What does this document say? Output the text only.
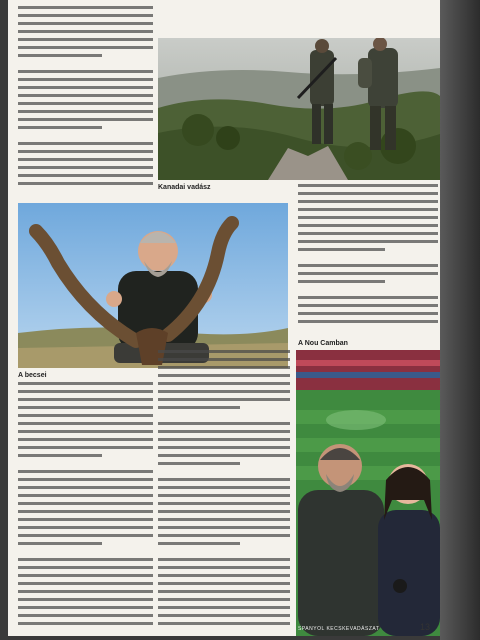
Kanadai vadász
A becsei
A Nou Camban
SPANYOL KECSKEVADÁSZAT	13
